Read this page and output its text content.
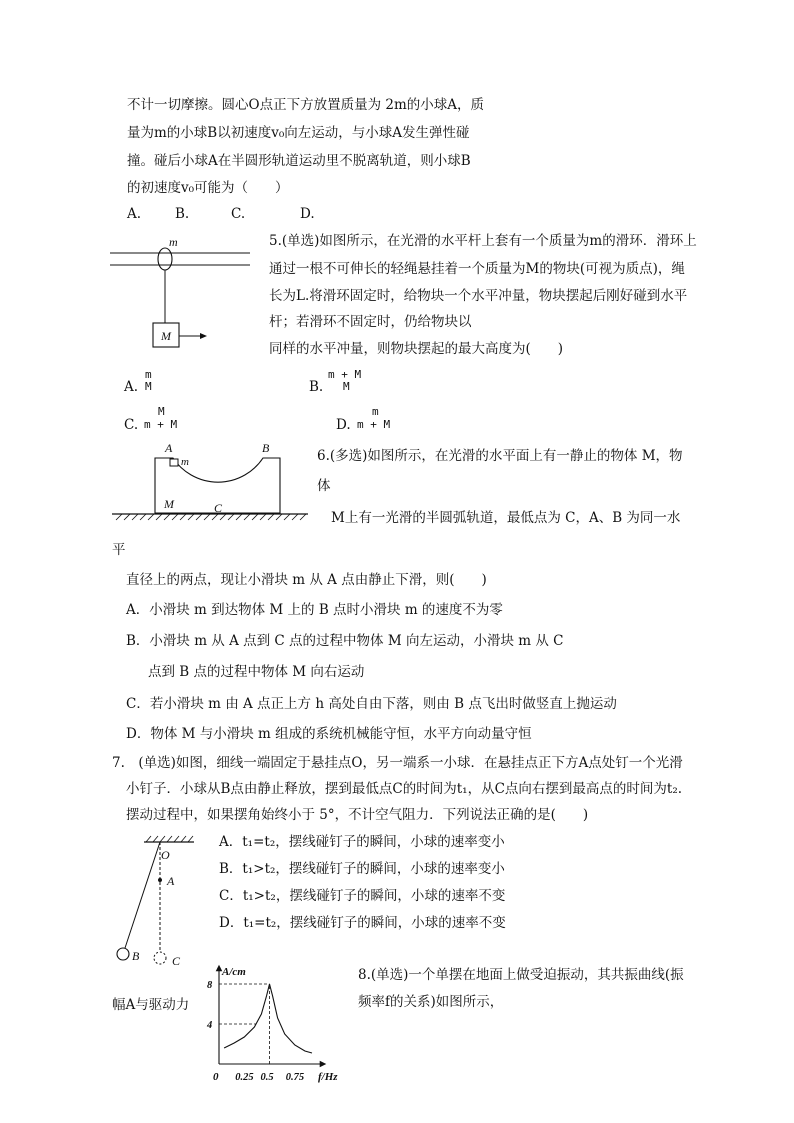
不计一切摩擦。圆心O点正下方放置质量为 2m的小球A，质
量为m的小球B以初速度v₀向左运动，与小球A发生弹性碰
撞。碰后小球A在半圆形轨道运动里不脱离轨道，则小球B
的初速度v₀可能为（　　）
A.	B.	C.	D.
m
M
5.(单选)如图所示，在光滑的水平杆上套有一个质量为m的滑环．滑环上
通过一根不可伸长的轻绳悬挂着一个质量为M的物块(可视为质点)，绳
长为L.将滑环固定时，给物块一个水平冲量，物块摆起后刚好碰到水平
杆；若滑环不固定时，仍给物块以
同样的水平冲量，则物块摆起的最大高度为(　　)
A.
m
M	B.
m + M
M
C.
M
m + M	D.
m
m + M
A
m
B
M	C
6.(多选)如图所示，在光滑的水平面上有一静止的物体 M，物
体
M上有一光滑的半圆弧轨道，最低点为 C，A、B 为同一水
平
直径上的两点，现让小滑块 m 从 A 点由静止下滑，则(　　)
A．小滑块 m 到达物体 M 上的 B 点时小滑块 m 的速度不为零
B．小滑块 m 从 A 点到 C 点的过程中物体 M 向左运动，小滑块 m 从 C
点到 B 点的过程中物体 M 向右运动
C．若小滑块 m 由 A 点正上方 h 高处自由下落，则由 B 点飞出时做竖直上抛运动
D．物体 M 与小滑块 m 组成的系统机械能守恒，水平方向动量守恒
7.　(单选)如图，细线一端固定于悬挂点O，另一端系一小球．在悬挂点正下方A点处钉一个光滑
小钉子．小球从B点由静止释放，摆到最低点C的时间为t₁，从C点向右摆到最高点的时间为t₂.
摆动过程中，如果摆角始终小于 5°，不计空气阻力．下列说法正确的是(　　)
O
A
B	C
A．t₁=t₂，摆线碰钉子的瞬间，小球的速率变小
B．t₁>t₂，摆线碰钉子的瞬间，小球的速率变小
C．t₁>t₂，摆线碰钉子的瞬间，小球的速率不变
D．t₁=t₂，摆线碰钉子的瞬间，小球的速率不变
幅A与驱动力
8.(单选)一个单摆在地面上做受迫振动，其共振曲线(振
频率f的关系)如图所示，
A/cm
f/Hz
0 0.25 0.5 0.75
4
8
